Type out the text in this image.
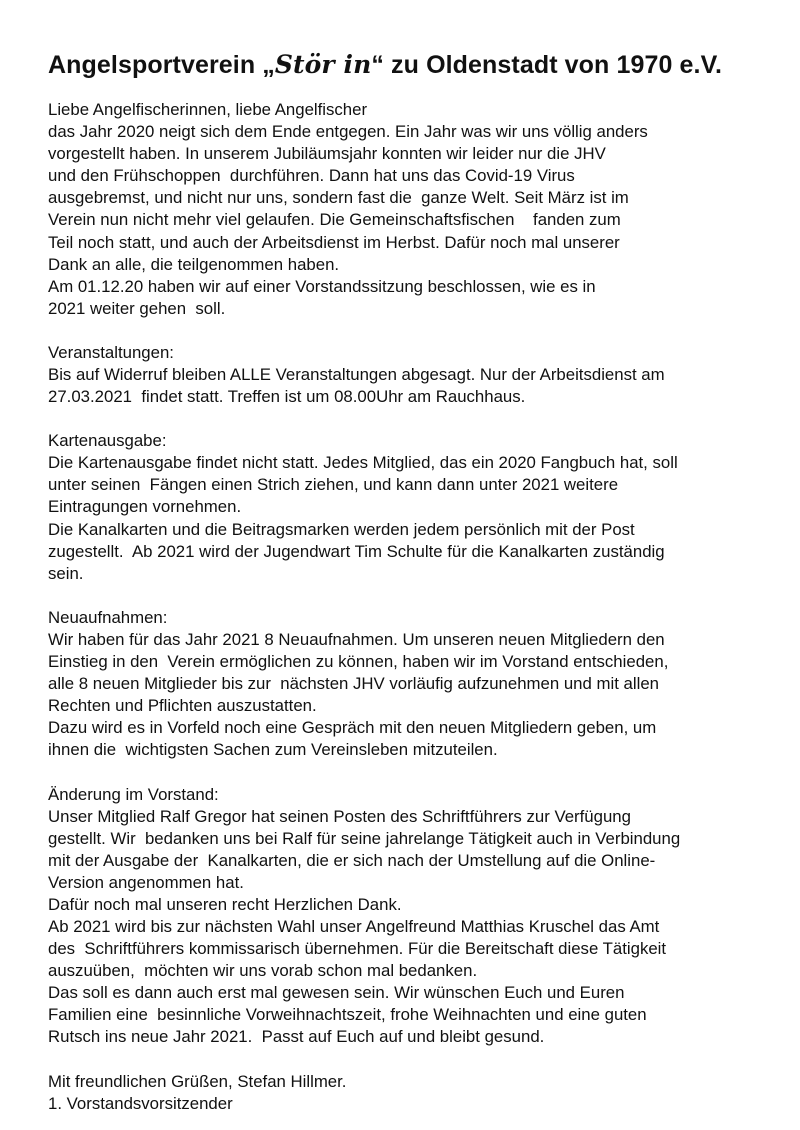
Angelsportverein „Stör in“ zu Oldenstadt von 1970 e.V.
Liebe Angelfischerinnen, liebe Angelfischer
das Jahr 2020 neigt sich dem Ende entgegen. Ein Jahr was wir uns völlig anders
vorgestellt haben. In unserem Jubiläumsjahr konnten wir leider nur die JHV
und den Frühschoppen  durchführen. Dann hat uns das Covid-19 Virus
ausgebremst, und nicht nur uns, sondern fast die  ganze Welt. Seit März ist im
Verein nun nicht mehr viel gelaufen. Die Gemeinschaftsfischen    fanden zum
Teil noch statt, und auch der Arbeitsdienst im Herbst. Dafür noch mal unserer
Dank an alle, die teilgenommen haben.
Am 01.12.20 haben wir auf einer Vorstandssitzung beschlossen, wie es in
2021 weiter gehen  soll.
Veranstaltungen:
Bis auf Widerruf bleiben ALLE Veranstaltungen abgesagt. Nur der Arbeitsdienst am
27.03.2021  findet statt. Treffen ist um 08.00Uhr am Rauchhaus.
Kartenausgabe:
Die Kartenausgabe findet nicht statt. Jedes Mitglied, das ein 2020 Fangbuch hat, soll
unter seinen  Fängen einen Strich ziehen, und kann dann unter 2021 weitere
Eintragungen vornehmen.
Die Kanalkarten und die Beitragsmarken werden jedem persönlich mit der Post
zugestellt.  Ab 2021 wird der Jugendwart Tim Schulte für die Kanalkarten zuständig
sein.
Neuaufnahmen:
Wir haben für das Jahr 2021 8 Neuaufnahmen. Um unseren neuen Mitgliedern den
Einstieg in den  Verein ermöglichen zu können, haben wir im Vorstand entschieden,
alle 8 neuen Mitglieder bis zur  nächsten JHV vorläufig aufzunehmen und mit allen
Rechten und Pflichten auszustatten.
Dazu wird es in Vorfeld noch eine Gespräch mit den neuen Mitgliedern geben, um
ihnen die  wichtigsten Sachen zum Vereinsleben mitzuteilen.
Änderung im Vorstand:
Unser Mitglied Ralf Gregor hat seinen Posten des Schriftführers zur Verfügung
gestellt. Wir  bedanken uns bei Ralf für seine jahrelange Tätigkeit auch in Verbindung
mit der Ausgabe der  Kanalkarten, die er sich nach der Umstellung auf die Online-
Version angenommen hat.
Dafür noch mal unseren recht Herzlichen Dank.
Ab 2021 wird bis zur nächsten Wahl unser Angelfreund Matthias Kruschel das Amt
des  Schriftführers kommissarisch übernehmen. Für die Bereitschaft diese Tätigkeit
auszuüben,  möchten wir uns vorab schon mal bedanken.
Das soll es dann auch erst mal gewesen sein. Wir wünschen Euch und Euren
Familien eine  besinnliche Vorweihnachtszeit, frohe Weihnachten und eine guten
Rutsch ins neue Jahr 2021.  Passt auf Euch auf und bleibt gesund.
Mit freundlichen Grüßen, Stefan Hillmer.
1. Vorstandsvorsitzender
